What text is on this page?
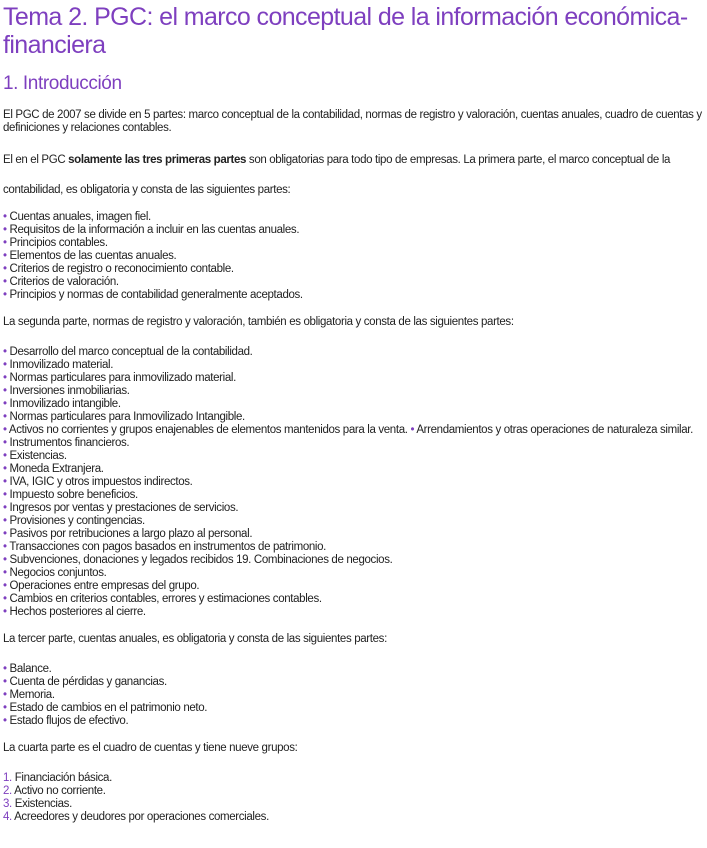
Tema 2. PGC: el marco conceptual de la información económica-financiera
1. Introducción

El PGC de 2007 se divide en 5 partes: marco conceptual de la contabilidad, normas de registro y valoración, cuentas anuales, cuadro de cuentas y definiciones y relaciones contables.

El en el PGC solamente las tres primeras partes son obligatorias para todo tipo de empresas. La primera parte, el marco conceptual de la contabilidad, es obligatoria y consta de las siguientes partes:

• Cuentas anuales, imagen fiel.
• Requisitos de la información a incluir en las cuentas anuales.
• Principios contables.
• Elementos de las cuentas anuales.
• Criterios de registro o reconocimiento contable.
• Criterios de valoración.
• Principios y normas de contabilidad generalmente aceptados.

La segunda parte, normas de registro y valoración, también es obligatoria y consta de las siguientes partes:

• Desarrollo del marco conceptual de la contabilidad.
• Inmovilizado material.
• Normas particulares para inmovilizado material.
• Inversiones inmobiliarias.
• Inmovilizado intangible.
• Normas particulares para Inmovilizado Intangible.
• Activos no corrientes y grupos enajenables de elementos mantenidos para la venta. • Arrendamientos y otras operaciones de naturaleza similar.
• Instrumentos financieros.
• Existencias.
• Moneda Extranjera.
• IVA, IGIC y otros impuestos indirectos.
• Impuesto sobre beneficios.
• Ingresos por ventas y prestaciones de servicios.
• Provisiones y contingencias.
• Pasivos por retribuciones a largo plazo al personal.
• Transacciones con pagos basados en instrumentos de patrimonio.
• Subvenciones, donaciones y legados recibidos 19. Combinaciones de negocios.
• Negocios conjuntos.
• Operaciones entre empresas del grupo.
• Cambios en criterios contables, errores y estimaciones contables.
• Hechos posteriores al cierre.

La tercer parte, cuentas anuales, es obligatoria y consta de las siguientes partes:

• Balance.
• Cuenta de pérdidas y ganancias.
• Memoria.
• Estado de cambios en el patrimonio neto.
• Estado flujos de efectivo.

La cuarta parte es el cuadro de cuentas y tiene nueve grupos:

1. Financiación básica.
2. Activo no corriente.
3. Existencias.
4. Acreedores y deudores por operaciones comerciales.
